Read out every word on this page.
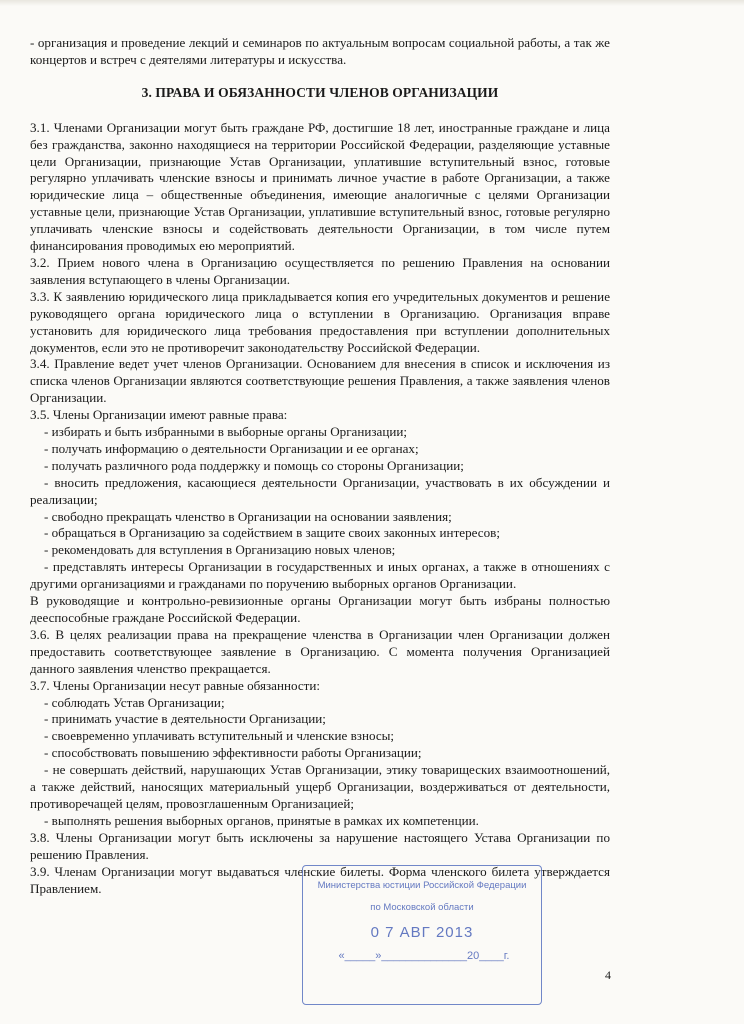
- организация и проведение лекций и семинаров по актуальным вопросам социальной работы, а так же концертов и встреч с деятелями литературы и искусства.

3. ПРАВА И ОБЯЗАННОСТИ ЧЛЕНОВ ОРГАНИЗАЦИИ

3.1. Членами Организации могут быть граждане РФ, достигшие 18 лет, иностранные граждане и лица без гражданства, законно находящиеся на территории Российской Федерации, разделяющие уставные цели Организации, признающие Устав Организации, уплатившие вступительный взнос, готовые регулярно уплачивать членские взносы и принимать личное участие в работе Организации, а также юридические лица – общественные объединения, имеющие аналогичные с целями Организации уставные цели, признающие Устав Организации, уплатившие вступительный взнос, готовые регулярно уплачивать членские взносы и содействовать деятельности Организации, в том числе путем финансирования проводимых ею мероприятий.

3.2. Прием нового члена в Организацию осуществляется по решению Правления на основании заявления вступающего в члены Организации.

3.3. К заявлению юридического лица прикладывается копия его учредительных документов и решение руководящего органа юридического лица о вступлении в Организацию. Организация вправе установить для юридического лица требования предоставления при вступлении дополнительных документов, если это не противоречит законодательству Российской Федерации.

3.4. Правление ведет учет членов Организации. Основанием для внесения в список и исключения из списка членов Организации являются соответствующие решения Правления, а также заявления членов Организации.

3.5. Члены Организации имеют равные права:

- избирать и быть избранными в выборные органы Организации;

- получать информацию о деятельности Организации и ее органах;

- получать различного рода поддержку и помощь со стороны Организации;

- вносить предложения, касающиеся деятельности Организации, участвовать в их обсуждении и реализации;

- свободно прекращать членство в Организации на основании заявления;

- обращаться в Организацию за содействием в защите своих законных интересов;

- рекомендовать для вступления в Организацию новых членов;

- представлять интересы Организации в государственных и иных органах, а также в отношениях с другими организациями и гражданами по поручению выборных органов Организации.

В руководящие и контрольно-ревизионные органы Организации могут быть избраны полностью дееспособные граждане Российской Федерации.

3.6. В целях реализации права на прекращение членства в Организации член Организации должен предоставить соответствующее заявление в Организацию. С момента получения Организацией данного заявления членство прекращается.

3.7. Члены Организации несут равные обязанности:

- соблюдать Устав Организации;

- принимать участие в деятельности Организации;

- своевременно уплачивать вступительный и членские взносы;

- способствовать повышению эффективности работы Организации;

- не совершать действий, нарушающих Устав Организации, этику товарищеских взаимоотношений, а также действий, наносящих материальный ущерб Организации, воздерживаться от деятельности, противоречащей целям, провозглашенным Организацией;

- выполнять решения выборных органов, принятые в рамках их компетенции.

3.8. Члены Организации могут быть исключены за нарушение настоящего Устава Организации по решению Правления.

3.9. Членам Организации могут выдаваться членские билеты. Форма членского билета утверждается Правлением.	Министерства юстиции Российской Федерации
по Московской области
0 7 АВГ 2013
«_____»______________20____г.
4
